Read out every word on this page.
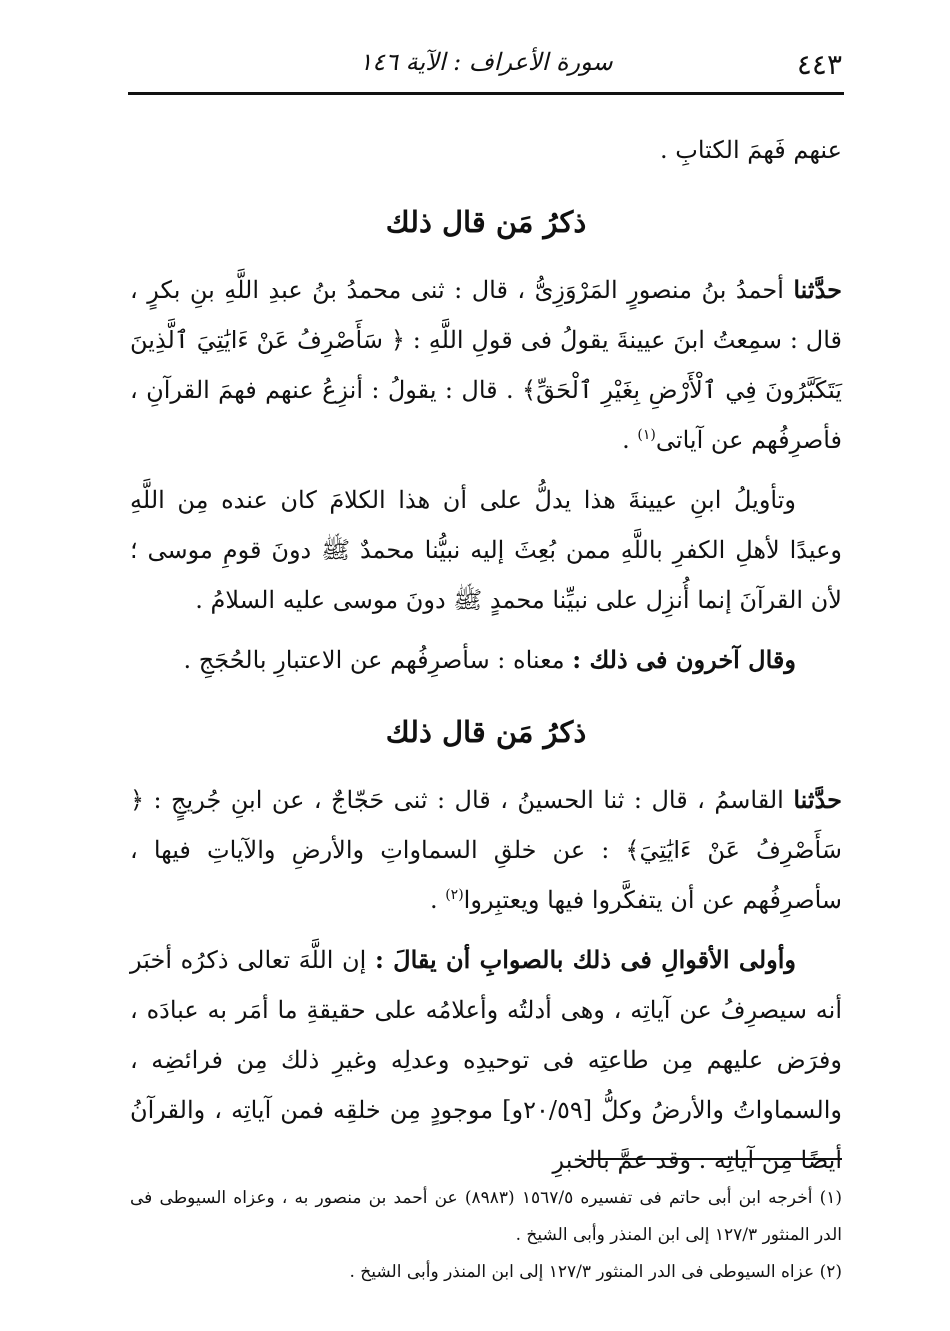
٤٤٣
سورة الأعراف : الآية ١٤٦

عنهم فَهمَ الكتابِ .

ذكرُ مَن قال ذلك

حدَّثنا أحمدُ بنُ منصورٍ المَرْوَزِىُّ ، قال : ثنى محمدُ بنُ عبدِ اللَّهِ بنِ بكرٍ ، قال : سمِعتُ ابنَ عيينةَ يقولُ فى قولِ اللَّهِ : ﴿ سَأَصْرِفُ عَنْ ءَايَٰتِيَ ٱلَّذِينَ يَتَكَبَّرُونَ فِي ٱلْأَرْضِ بِغَيْرِ ٱلْحَقِّ﴾ . قال : يقولُ : أنزِعُ عنهم فهمَ القرآنِ ، فأصرِفُهم عن آياتى$^{(١)}$ .

وتأويلُ ابنِ عيينةَ هذا يدلُّ على أن هذا الكلامَ كان عنده مِن اللَّهِ وعيدًا لأهلِ الكفرِ باللَّهِ ممن بُعِثَ إليه نبيُّنا محمدٌ ﷺ دونَ قومِ موسى ؛ لأن القرآنَ إنما أُنزِل على نبيِّنا محمدٍ ﷺ دونَ موسى عليه السلامُ .

وقال آخرون فى ذلك : معناه : سأصرِفُهم عن الاعتبارِ بالحُجَجِ .

ذكرُ مَن قال ذلك

حدَّثنا القاسمُ ، قال : ثنا الحسينُ ، قال : ثنى حَجّاجٌ ، عن ابنِ جُريجٍ : ﴿ سَأَصْرِفُ عَنْ ءَايَٰتِيَ﴾ : عن خلقِ السماواتِ والأرضِ والآياتِ فيها ، سأصرِفُهم عن أن يتفكَّروا فيها ويعتبِروا$^{(٢)}$ .

وأولى الأقوالِ فى ذلك بالصوابِ أن يقالَ : إن اللَّهَ تعالى ذكرُه أخبَر أنه سيصرِفُ عن آياتِه ، وهى أدلتُه وأعلامُه على حقيقةِ ما أمَر به عبادَه ، وفرَض عليهم مِن طاعتِه فى توحيدِه وعدلِه وغيرِ ذلك مِن فرائضِه ، والسماواتُ والأرضُ وكلُّ [٢٠/٥٩و] موجودٍ مِن خلقِه فمن آياتِه ، والقرآنُ أيضًا مِن آياتِه . وقد عمَّ بالخبرِ

(١) أخرجه ابن أبى حاتم فى تفسيره ١٥٦٧/٥ (٨٩٨٣) عن أحمد بن منصور به ، وعزاه السيوطى فى الدر المنثور ١٢٧/٣ إلى ابن المنذر وأبى الشيخ .

(٢) عزاه السيوطى فى الدر المنثور ١٢٧/٣ إلى ابن المنذر وأبى الشيخ .
